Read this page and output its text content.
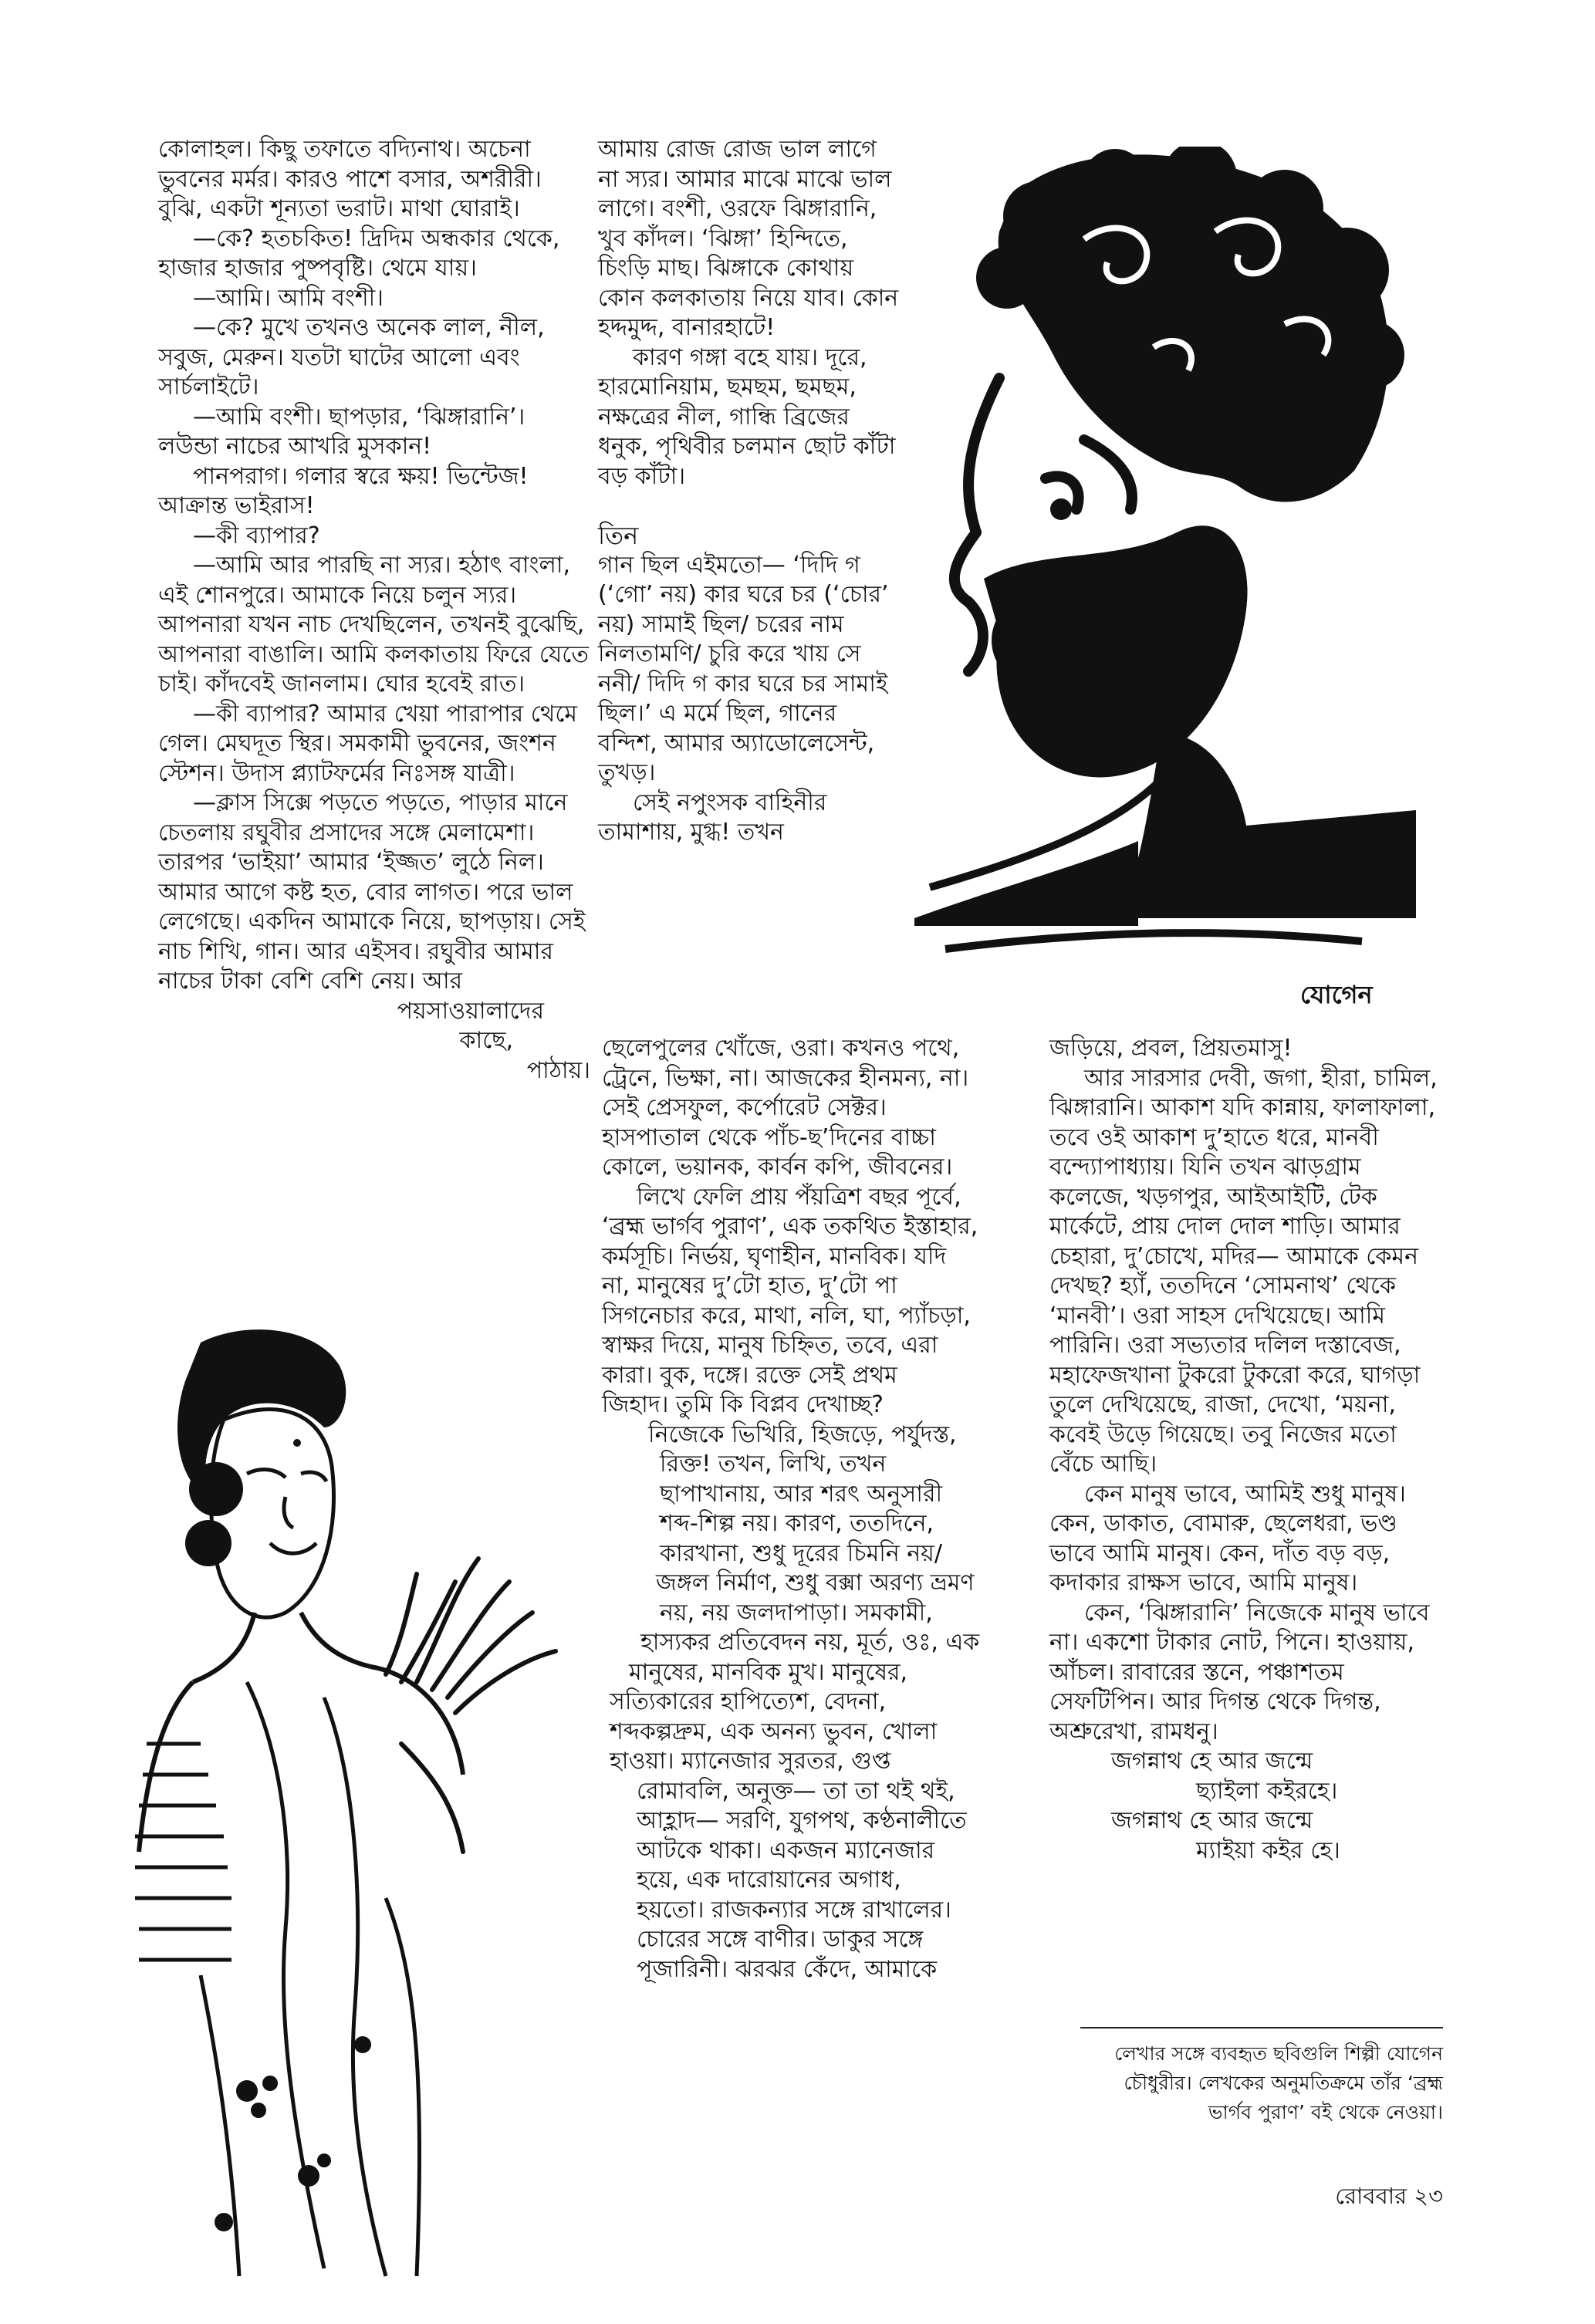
কোলাহল। কিছু তফাতে বদ্যিনাথ। অচেনা ভুবনের মর্মর। কারও পাশে বসার, অশরীরী। বুঝি, একটা শূন্যতা ভরাট। মাথা ঘোরাই।

—কে? হতচকিত! দ্রিদিম অন্ধকার থেকে, হাজার হাজার পুষ্পবৃষ্টি। থেমে যায়।

—আমি। আমি বংশী।

—কে? মুখে তখনও অনেক লাল, নীল, সবুজ, মেরুন। যতটা ঘাটের আলো এবং সার্চলাইটে।

—আমি বংশী। ছাপড়ার, ‘ঝিঙ্গারানি’। লউন্ডা নাচের আখরি মুসকান!

পানপরাগ। গলার স্বরে ক্ষয়! ভিন্টেজ! আক্রান্ত ভাইরাস!

—কী ব্যাপার?

—আমি আর পারছি না স্যর। হঠাৎ বাংলা, এই শোনপুরে। আমাকে নিয়ে চলুন স্যর। আপনারা যখন নাচ দেখছিলেন, তখনই বুঝেছি, আপনারা বাঙালি। আমি কলকাতায় ফিরে যেতে চাই। কাঁদবেই জানলাম। ঘোর হবেই রাত।

—কী ব্যাপার? আমার খেয়া পারাপার থেমে গেল। মেঘদূত স্থির। সমকামী ভুবনের, জংশন স্টেশন। উদাস প্ল্যাটফর্মের নিঃসঙ্গ যাত্রী।

—ক্লাস সিক্সে পড়তে পড়তে, পাড়ার মানে চেতলায় রঘুবীর প্রসাদের সঙ্গে মেলামেশা। তারপর ‘ভাইয়া’ আমার ‘ইজ্জত’ লুঠে নিল। আমার আগে কষ্ট হত, বোর লাগত। পরে ভাল লেগেছে। একদিন আমাকে নিয়ে, ছাপড়ায়। সেই নাচ শিখি, গান। আর এইসব। রঘুবীর আমার নাচের টাকা বেশি বেশি নেয়। আর

পয়সাওয়ালাদের

কাছে,

পাঠায়।

আমায় রোজ রোজ ভাল লাগে না স্যর। আমার মাঝে মাঝে ভাল লাগে। বংশী, ওরফে ঝিঙ্গারানি, খুব কাঁদল। ‘ঝিঙ্গা’ হিন্দিতে, চিংড়ি মাছ। ঝিঙ্গাকে কোথায় কোন কলকাতায় নিয়ে যাব। কোন হদ্দমুদ্দ, বানারহাটে!

কারণ গঙ্গা বহে যায়। দূরে, হারমোনিয়াম, ছমছম, ছমছম, নক্ষত্রের নীল, গান্ধি ব্রিজের ধনুক, পৃথিবীর চলমান ছোট কাঁটা বড় কাঁটা।

তিন

গান ছিল এইমতো— ‘দিদি গ (‘গো’ নয়) কার ঘরে চর (‘চোর’ নয়) সামাই ছিল/ চরের নাম নিলতামণি/ চুরি করে খায় সে ননী/ দিদি গ কার ঘরে চর সামাই ছিল।’ এ মর্মে ছিল, গানের বন্দিশ, আমার অ্যাডোলেসেন্ট, তুখড়।

সেই নপুংসক বাহিনীর তামাশায়, মুগ্ধ! তখন

ছেলেপুলের খোঁজে, ওরা। কখনও পথে,

ট্রেনে, ভিক্ষা, না। আজকের হীনমন্য, না।

সেই প্রেসফুল, কর্পোরেট সেক্টর।

হাসপাতাল থেকে পাঁচ-ছ’দিনের বাচ্চা

কোলে, ভয়ানক, কার্বন কপি, জীবনের।

লিখে ফেলি প্রায় পঁয়ত্রিশ বছর পূর্বে,

‘ব্রহ্ম ভার্গব পুরাণ’, এক তকথিত ইস্তাহার,

কর্মসূচি। নির্ভয়, ঘৃণাহীন, মানবিক। যদি

না, মানুষের দু’টো হাত, দু’টো পা

সিগনেচার করে, মাথা, নলি, ঘা, প্যাঁচড়া,

স্বাক্ষর দিয়ে, মানুষ চিহ্নিত, তবে, এরা

কারা। বুক, দঙ্গে। রক্তে সেই প্রথম

জিহাদ। তুমি কি বিপ্লব দেখাচ্ছ?

নিজেকে ভিখিরি, হিজড়ে, পর্যুদস্ত,

রিক্ত! তখন, লিখি, তখন

ছাপাখানায়, আর শরৎ অনুসারী

শব্দ-শিল্প নয়। কারণ, ততদিনে,

কারখানা, শুধু দূরের চিমনি নয়/

জঙ্গল নির্মাণ, শুধু বক্সা অরণ্য ভ্রমণ

নয়, নয় জলদাপাড়া। সমকামী,

হাস্যকর প্রতিবেদন নয়, মূর্ত, ওঃ, এক

মানুষের, মানবিক মুখ। মানুষের,

সত্যিকারের হাপিত্যেশ, বেদনা,

শব্দকল্পদ্রুম, এক অনন্য ভুবন, খোলা

হাওয়া। ম্যানেজার সুরতর, গুপ্ত

রোমাবলি, অনুক্ত— তা তা থই থই,

আহ্লাদ— সরণি, যুগপথ, কণ্ঠনালীতে

আটকে থাকা। একজন ম্যানেজার

হয়ে, এক দারোয়ানের অগাধ,

হয়তো। রাজকন্যার সঙ্গে রাখালের।

চোরের সঙ্গে বাণীর। ডাকুর সঙ্গে

পূজারিনী। ঝরঝর কেঁদে, আমাকে

জড়িয়ে, প্রবল, প্রিয়তমাসু!

আর সারসার দেবী, জগা, হীরা, চামিল, ঝিঙ্গারানি। আকাশ যদি কান্নায়, ফালাফালা, তবে ওই আকাশ দু’হাতে ধরে, মানবী বন্দ্যোপাধ্যায়। যিনি তখন ঝাড়গ্রাম কলেজে, খড়গপুর, আইআইটি, টেক মার্কেটে, প্রায় দোল দোল শাড়ি। আমার চেহারা, দু’চোখে, মদির— আমাকে কেমন দেখছ? হ্যাঁ, ততদিনে ‘সোমনাথ’ থেকে ‘মানবী’। ওরা সাহস দেখিয়েছে। আমি পারিনি। ওরা সভ্যতার দলিল দস্তাবেজ, মহাফেজখানা টুকরো টুকরো করে, ঘাগড়া তুলে দেখিয়েছে, রাজা, দেখো, ‘ময়না, কবেই উড়ে গিয়েছে। তবু নিজের মতো বেঁচে আছি।

কেন মানুষ ভাবে, আমিই শুধু মানুষ। কেন, ডাকাত, বোমারু, ছেলেধরা, ভণ্ড ভাবে আমি মানুষ। কেন, দাঁত বড় বড়, কদাকার রাক্ষস ভাবে, আমি মানুষ।

কেন, ‘ঝিঙ্গারানি’ নিজেকে মানুষ ভাবে না। একশো টাকার নোট, পিনে। হাওয়ায়, আঁচল। রাবারের স্তনে, পঞ্চাশতম সেফটিপিন। আর দিগন্ত থেকে দিগন্ত, অশ্রুরেখা, রামধনু।

জগন্নাথ হে আর জন্মে

ছ্যাইলা কইরহে।

জগন্নাথ হে আর জন্মে

ম্যাইয়া কইর হে।

লেখার সঙ্গে ব্যবহৃত ছবিগুলি শিল্পী যোগেন চৌধুরীর। লেখকের অনুমতিক্রমে তাঁর ‘ব্রহ্ম ভার্গব পুরাণ’ বই থেকে নেওয়া।
রোববার ২৩
যোগেন
